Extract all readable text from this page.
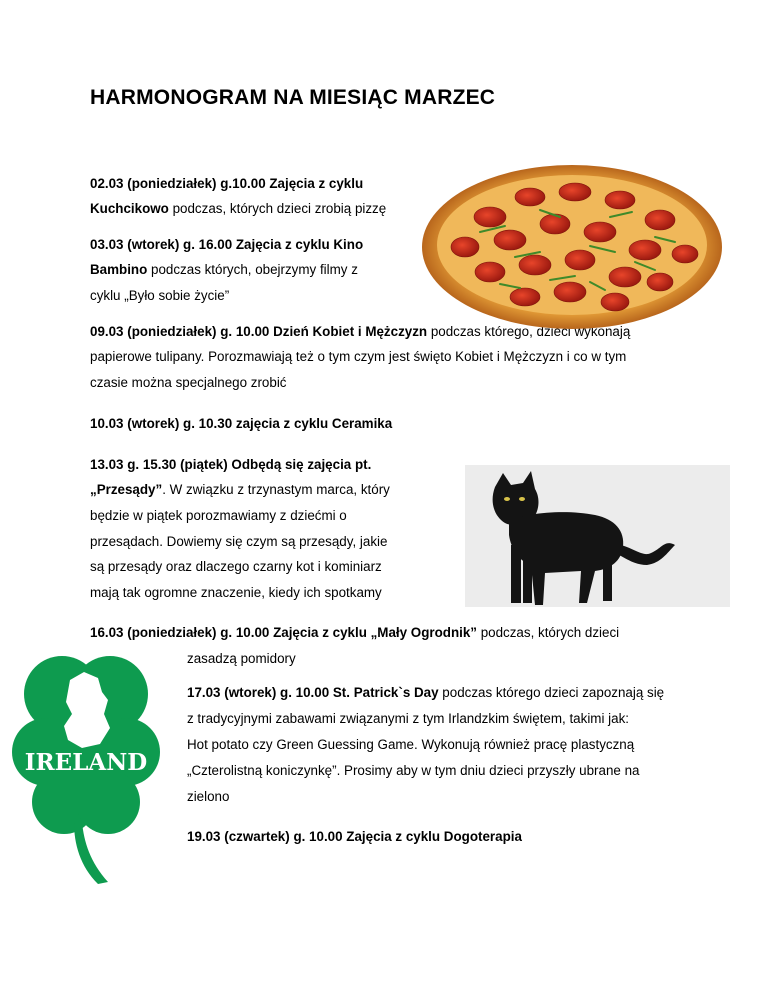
HARMONOGRAM NA MIESIĄC MARZEC
02.03 (poniedziałek) g.10.00 Zajęcia z cyklu
Kuchcikowo podczas, których dzieci zrobią pizzę
03.03 (wtorek) g. 16.00 Zajęcia z cyklu Kino
Bambino podczas których, obejrzymy filmy z
cyklu „Było sobie życie”
09.03 (poniedziałek) g. 10.00 Dzień Kobiet i Mężczyzn podczas którego, dzieci wykonają
papierowe tulipany. Porozmawiają też o tym czym jest święto Kobiet i Mężczyzn i co w tym
czasie można specjalnego zrobić
10.03 (wtorek) g. 10.30 zajęcia z cyklu Ceramika
13.03 g. 15.30 (piątek) Odbędą się zajęcia pt.
„Przesądy”. W związku z trzynastym marca, który
będzie w piątek porozmawiamy z dziećmi o
przesądach. Dowiemy się czym są przesądy, jakie
są przesądy oraz dlaczego czarny kot i kominiarz
mają tak ogromne znaczenie, kiedy ich spotkamy
16.03 (poniedziałek) g. 10.00 Zajęcia z cyklu „Mały Ogrodnik” podczas, których dzieci
zasadzą pomidory
17.03 (wtorek) g. 10.00 St. Patrick`s Day podczas którego dzieci zapoznają się
z tradycyjnymi zabawami związanymi z tym Irlandzkim świętem, takimi jak:
Hot potato czy Green Guessing Game. Wykonują również pracę plastyczną
„Czterolistną koniczynkę”. Prosimy aby w tym dniu dzieci przyszły ubrane na
zielono
19.03 (czwartek) g. 10.00 Zajęcia z cyklu Dogoterapia
IRELAND
